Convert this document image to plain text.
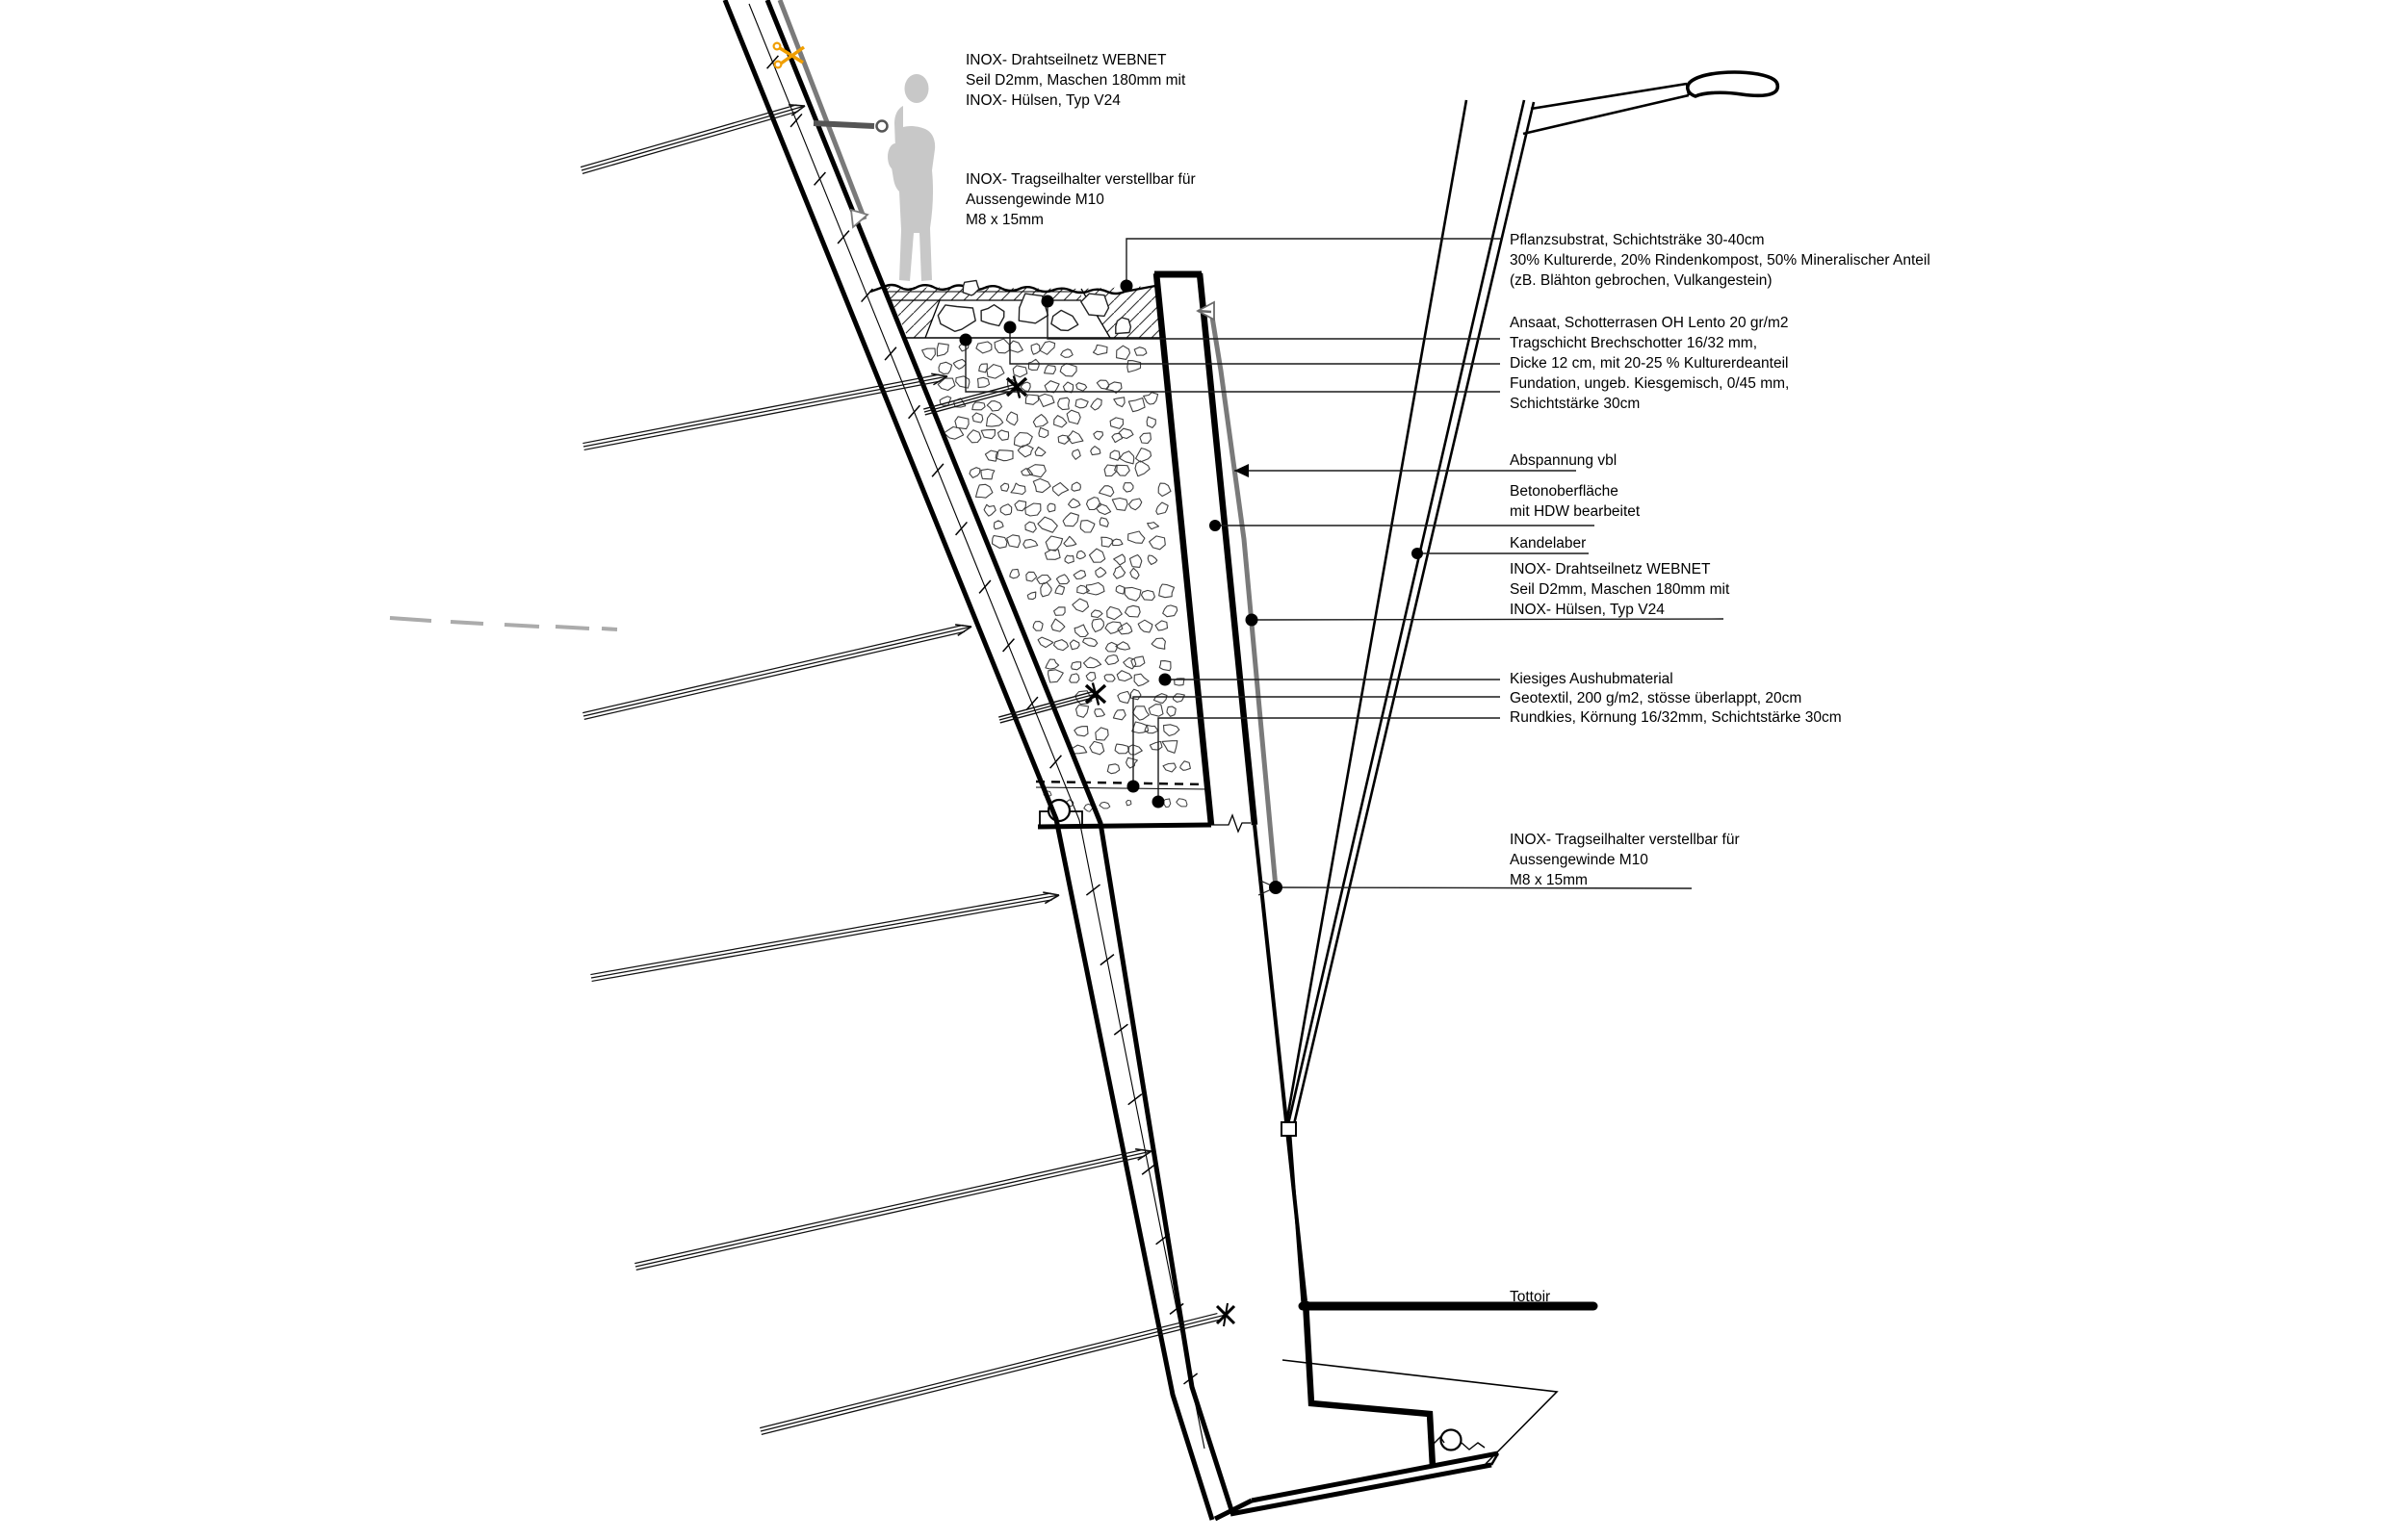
INOX- Drahtseilnetz WEBNET
Seil D2mm, Maschen 180mm mit
INOX- Hülsen, Typ V24
INOX- Tragseilhalter verstellbar für
Aussengewinde M10
M8 x 15mm
Pflanzsubstrat, Schichtsträke 30-40cm
30% Kulturerde, 20% Rindenkompost, 50% Mineralischer Anteil
(zB. Blähton gebrochen, Vulkangestein)
Ansaat, Schotterrasen OH Lento 20 gr/m2
Tragschicht Brechschotter 16/32 mm,
Dicke 12 cm, mit 20-25 % Kulturerdeanteil
Fundation, ungeb. Kiesgemisch, 0/45 mm,
Schichtstärke 30cm
Abspannung vbl
Betonoberfläche
mit HDW bearbeitet
Kandelaber
INOX- Drahtseilnetz WEBNET
Seil D2mm, Maschen 180mm mit
INOX- Hülsen, Typ V24
Kiesiges Aushubmaterial
Geotextil, 200 g/m2, stösse überlappt, 20cm
Rundkies, Körnung 16/32mm, Schichtstärke 30cm
INOX- Tragseilhalter verstellbar für
Aussengewinde M10
M8 x 15mm
Tottoir
